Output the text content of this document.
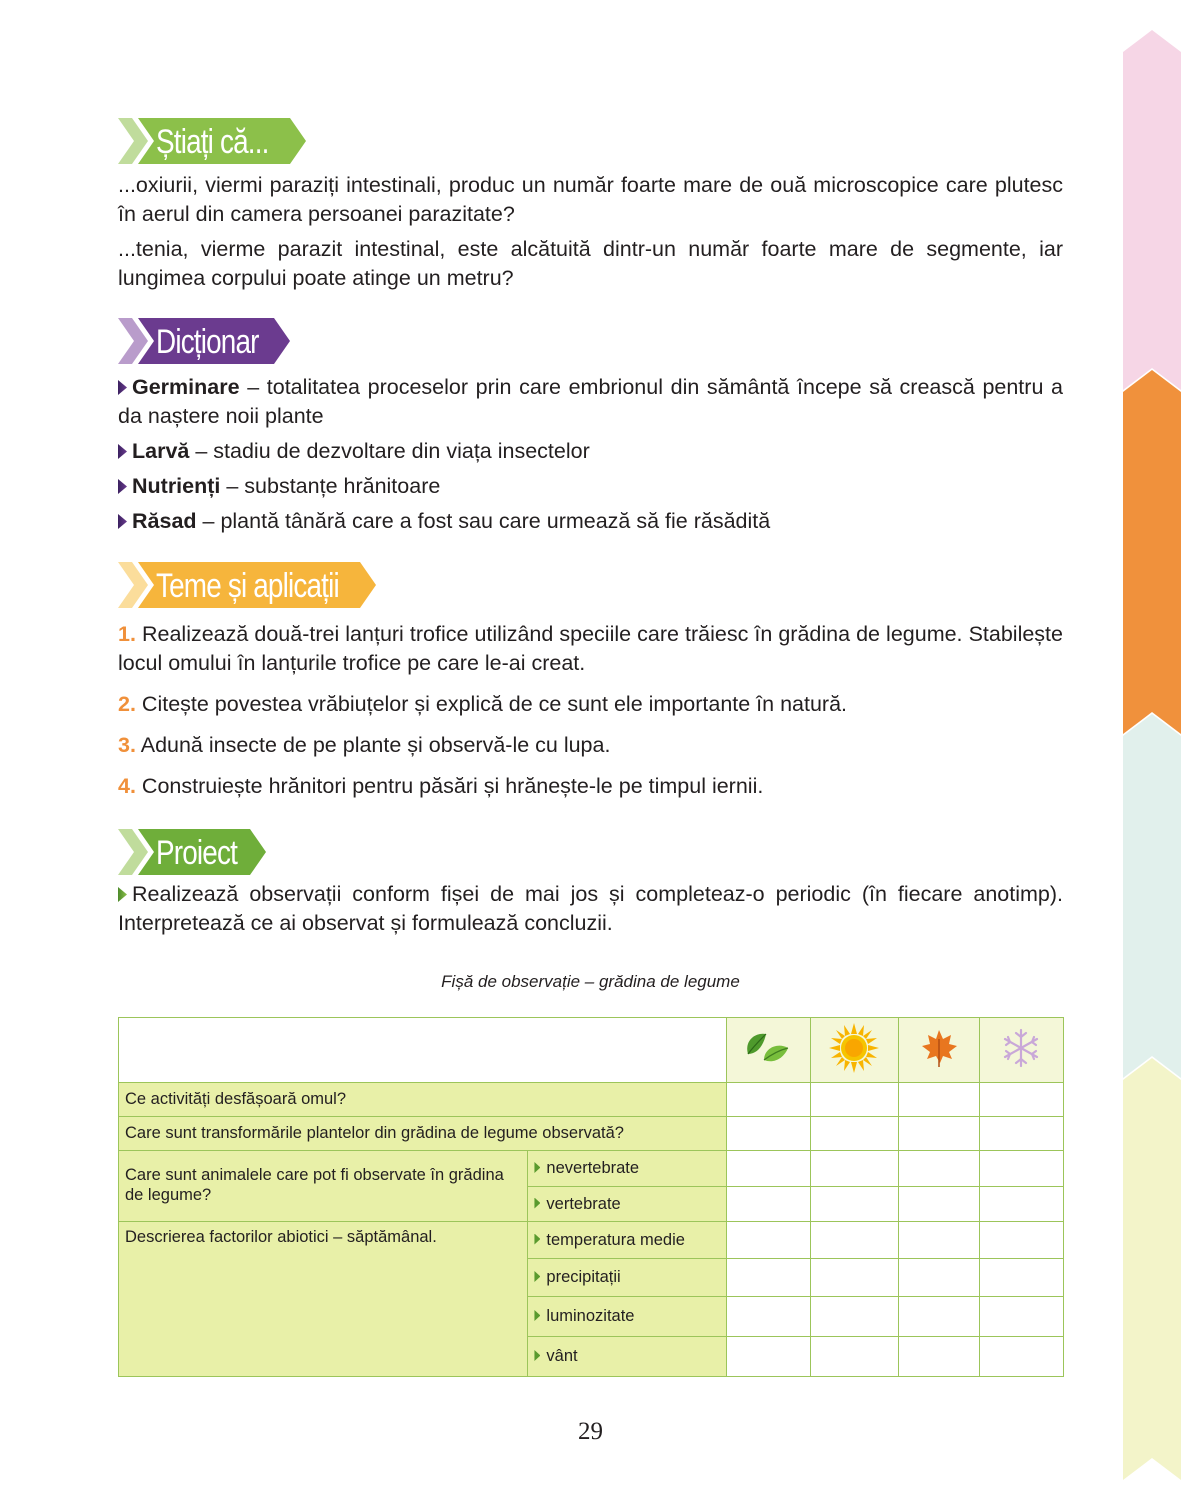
Știați că...
...oxiurii, viermi paraziți intestinali, produc un număr foarte mare de ouă microscopice care plutesc în aerul din camera persoanei parazitate?
...tenia, vierme parazit intestinal, este alcătuită dintr-un număr foarte mare de segmente, iar lungimea corpului poate atinge un metru?
Dicționar
Germinare – totalitatea proceselor prin care embrionul din sământă începe să crească pentru a da naștere noii plante
Larvă – stadiu de dezvoltare din viața insectelor
Nutrienți – substanțe hrănitoare
Răsad – plantă tânără care a fost sau care urmează să fie răsădită
Teme și aplicații
1. Realizează două-trei lanțuri trofice utilizând speciile care trăiesc în grădina de legume. Stabilește locul omului în lanțurile trofice pe care le-ai creat.
2. Citește povestea vrăbiuțelor și explică de ce sunt ele importante în natură.
3. Adună insecte de pe plante și observă-le cu lupa.
4. Construiește hrănitori pentru păsări și hrănește-le pe timpul iernii.
Proiect
Realizează observații conform fișei de mai jos și completeaz-o periodic (în fiecare anotimp). Interpretează ce ai observat și formulează concluzii.
Fișă de observație – grădina de legume

Ce activități desfășoară omul?					
Care sunt transformările plantelor din grădina de legume observată?					
Care sunt animalele care pot fi observate în grădina de legume?	nevertebrate				
	vertebrate				
Descrierea factorilor abiotici – săptămânal.	temperatura medie				
	precipitații				
	luminozitate				
	vânt				
29
